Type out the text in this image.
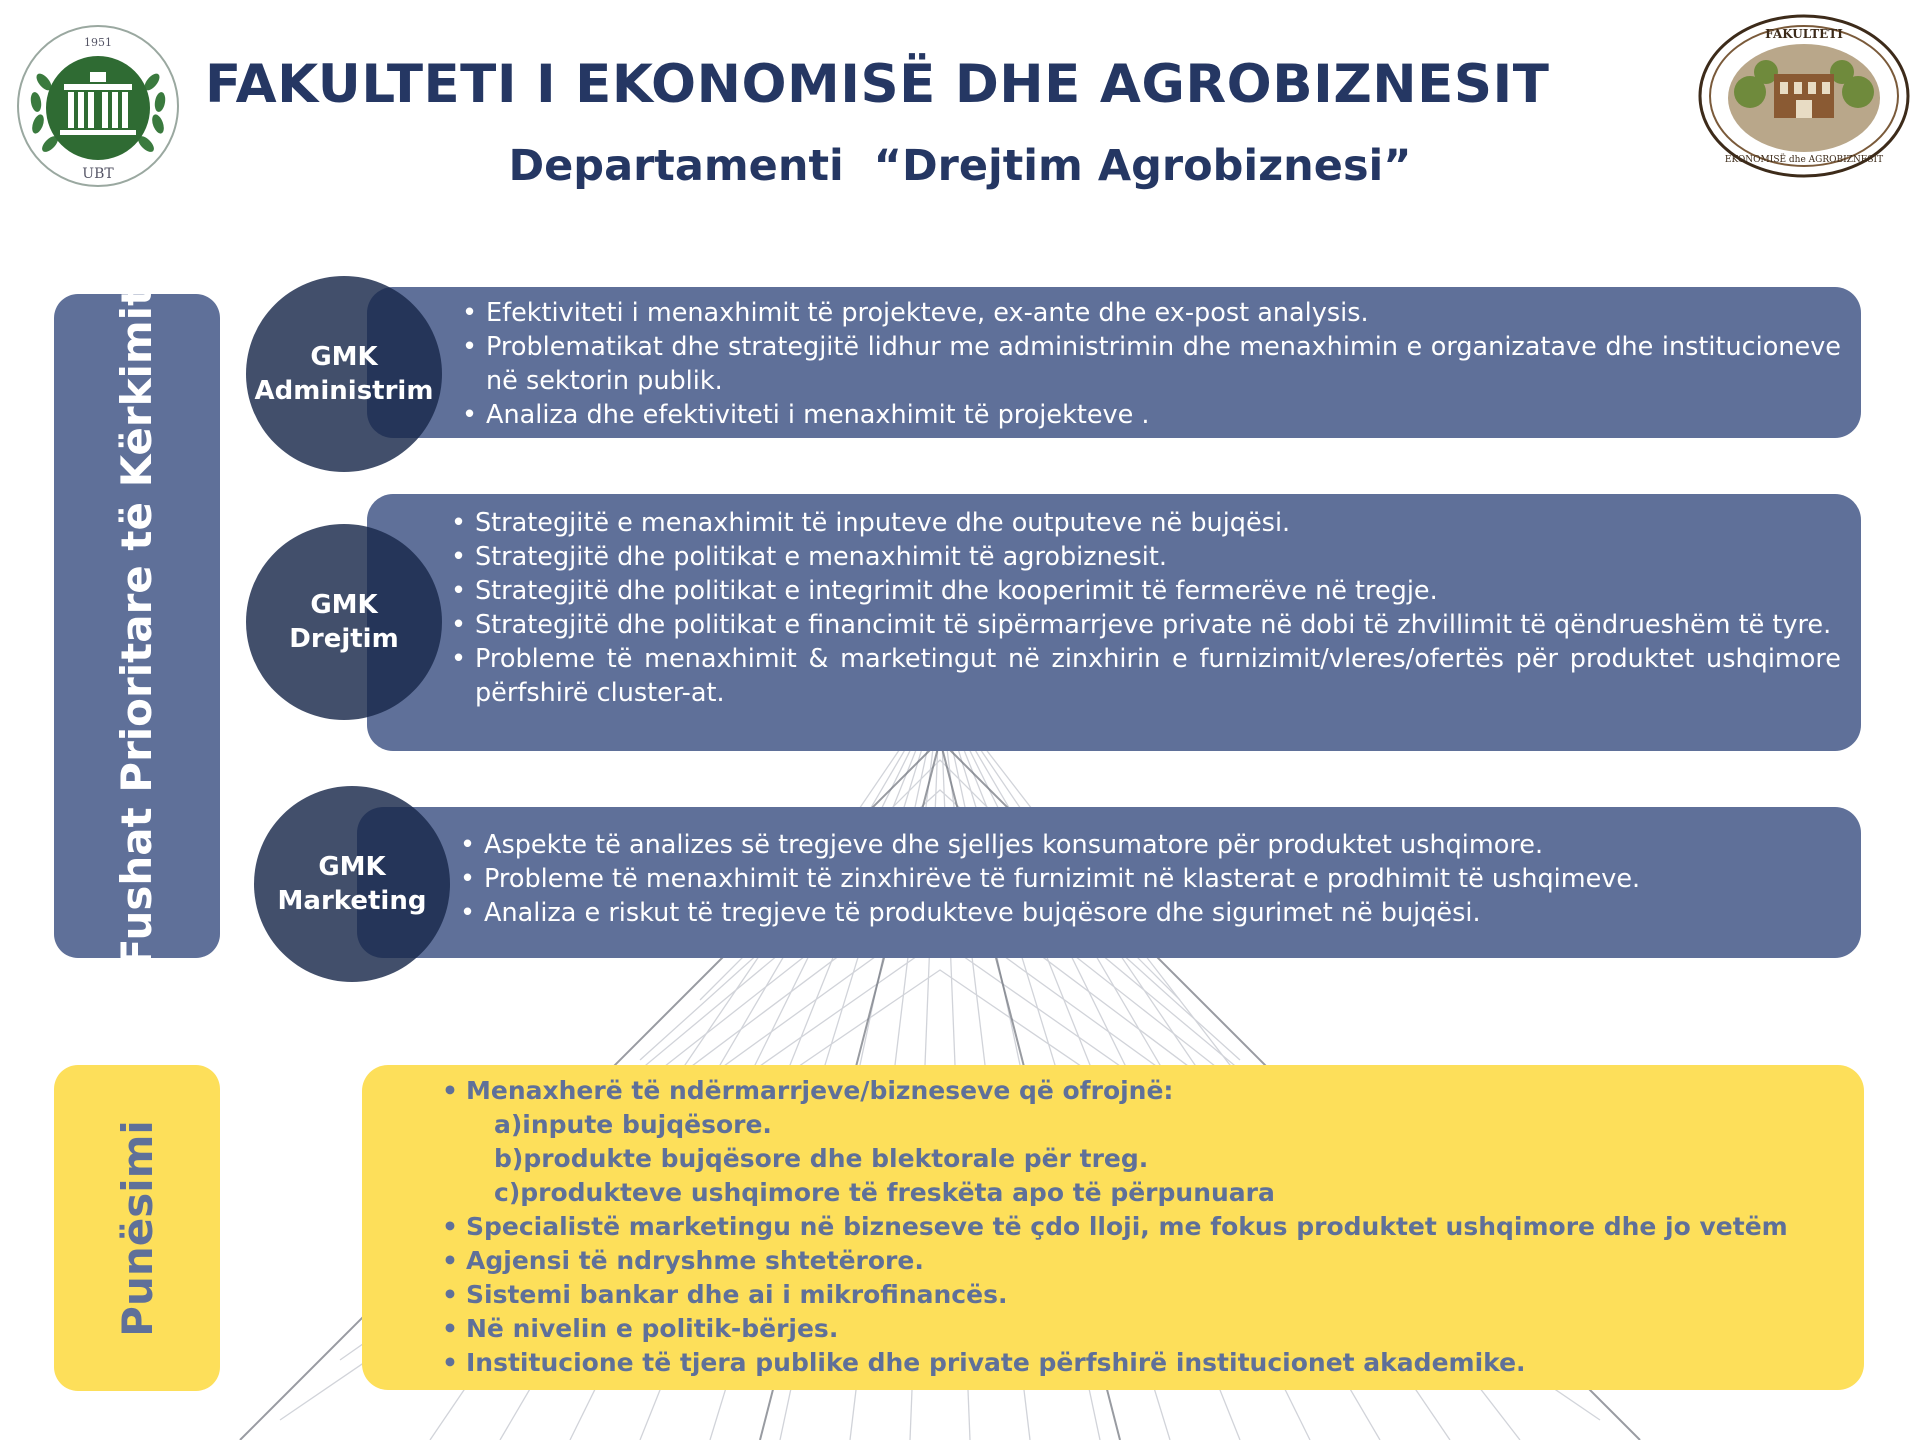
FAKULTETI I EKONOMISË DHE AGROBIZNESIT
Departamenti  “Drejtim Agrobiznesi”
1951
UBT
FAKULTETI
EKONOMISË dhe AGROBIZNESIT
Fushat Prioritare të Kërkimit	• Efektiviteti i menaxhimit të projekteve, ex-ante dhe ex-post analysis.
• Problematikat dhe strategjitë lidhur me administrimin dhe menaxhimin e organizatave dhe institucioneve në sektorin publik.
• Analiza dhe efektiviteti i menaxhimit të projekteve .
GMK
Administrim
• Strategjitë e menaxhimit të inputeve dhe outputeve në bujqësi.
• Strategjitë dhe politikat e menaxhimit të agrobiznesit.
• Strategjitë dhe politikat e integrimit dhe kooperimit të fermerëve në tregje.
• Strategjitë dhe politikat e financimit të sipërmarrjeve private në dobi të zhvillimit të qëndrueshëm të tyre.
• Probleme të menaxhimit & marketingut në zinxhirin e furnizimit/vleres/ofertës për produktet ushqimore përfshirë cluster-at.
GMK
Drejtim
• Aspekte të analizes së tregjeve dhe sjelljes konsumatore për produktet ushqimore.
• Probleme të menaxhimit të zinxhirëve të furnizimit në klasterat e prodhimit të ushqimeve.
• Analiza e riskut të tregjeve të produkteve bujqësore dhe sigurimet në bujqësi.
GMK
Marketing
Punësimi
• Menaxherë të ndërmarrjeve/bizneseve që ofrojnë:
a)inpute bujqësore.
b)produkte bujqësore dhe blektorale për treg.
c)produkteve ushqimore të freskëta apo të përpunuara
• Specialistë marketingu në bizneseve të çdo lloji, me fokus produktet ushqimore dhe jo vetëm
• Agjensi të ndryshme shtetërore.
• Sistemi bankar dhe ai i mikrofinancës.
• Në nivelin e politik-bërjes.
• Institucione të tjera publike dhe private përfshirë institucionet akademike.
